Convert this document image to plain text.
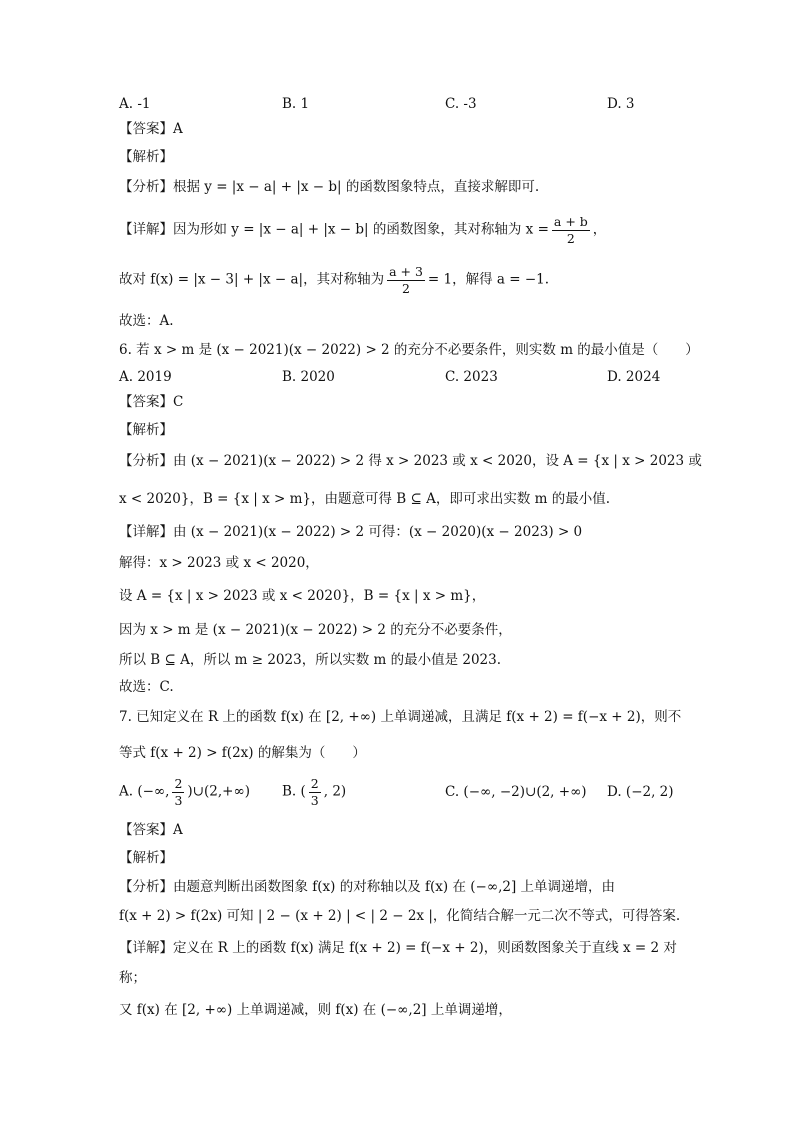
A. -1	B. 1	C. -3	D. 3
【答案】A
【解析】
【分析】根据 y = |x − a| + |x − b| 的函数图象特点，直接求解即可.
【详解】因为形如 y = |x − a| + |x − b| 的函数图象，其对称轴为 $x = \frac{a + b}{2}$ ，
故对 f(x) = |x − 3| + |x − a|，其对称轴为 $\frac{a + 3}{2} = 1$，解得 a = −1.
故选：A.
6. 若 x > m 是 (x − 2021)(x − 2022) > 2 的充分不必要条件，则实数 m 的最小值是（　　）
A. 2019	B. 2020	C. 2023	D. 2024
【答案】C
【解析】
【分析】由 (x − 2021)(x − 2022) > 2 得 x > 2023 或 x < 2020，设 A = {x | x > 2023 或
x < 2020}，B = {x | x > m}，由题意可得 B ⊆ A，即可求出实数 m 的最小值.
【详解】由 (x − 2021)(x − 2022) > 2 可得：(x − 2020)(x − 2023) > 0
解得：x > 2023 或 x < 2020，
设 A = {x | x > 2023 或 x < 2020}，B = {x | x > m}，
因为 x > m 是 (x − 2021)(x − 2022) > 2 的充分不必要条件，
所以 B ⊆ A，所以 m ≥ 2023，所以实数 m 的最小值是 2023.
故选：C.
7. 已知定义在 R 上的函数 f(x) 在 [2, +∞) 上单调递减，且满足 f(x + 2) = f(−x + 2)，则不
等式 f(x + 2) > f(2x) 的解集为（　　）
A. (−∞, $\frac{2}{3}$ )∪(2,+∞) B. ( $\frac{2}{3}$ , 2)	C. (−∞, −2)∪(2, +∞) D. (−2, 2)
【答案】A
【解析】
【分析】由题意判断出函数图象 f(x) 的对称轴以及 f(x) 在 (−∞,2] 上单调递增，由
f(x + 2) > f(2x) 可知 | 2 − (x + 2) | < | 2 − 2x |，化简结合解一元二次不等式，可得答案.
【详解】定义在 R 上的函数 f(x) 满足 f(x + 2) = f(−x + 2)，则函数图象关于直线 x = 2 对
称；
又 f(x) 在 [2, +∞) 上单调递减，则 f(x) 在 (−∞,2] 上单调递增，
